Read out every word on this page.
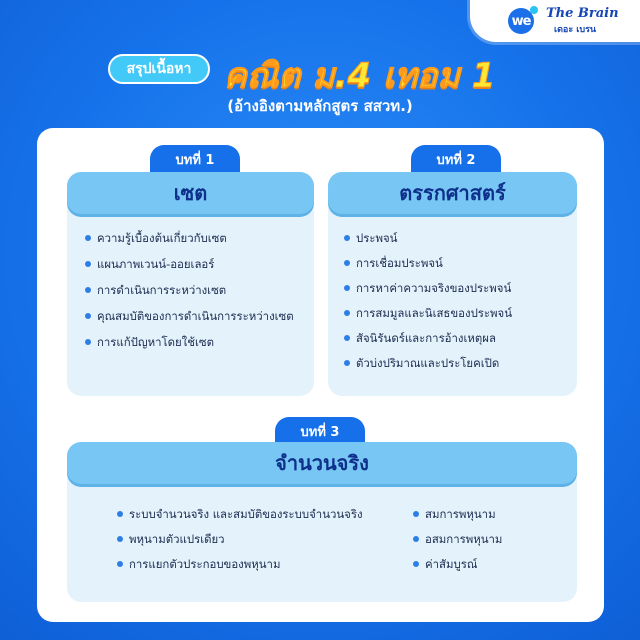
we The Brain
เดอะ เบรน
สรุปเนื้อหา คณิต ม.4 เทอม 1
(อ้างอิงตามหลักสูตร สสวท.)
บทที่ 1
เซต
ความรู้เบื้องต้นเกี่ยวกับเซต
แผนภาพเวนน์-ออยเลอร์
การดำเนินการระหว่างเซต
คุณสมบัติของการดำเนินการระหว่างเซต
การแก้ปัญหาโดยใช้เซต
บทที่ 2
ตรรกศาสตร์
ประพจน์
การเชื่อมประพจน์
การหาค่าความจริงของประพจน์
การสมมูลและนิเสธของประพจน์
สัจนิรันดร์และการอ้างเหตุผล
ตัวบ่งปริมาณและประโยคเปิด
บทที่ 3
จำนวนจริง
ระบบจำนวนจริง และสมบัติของระบบจำนวนจริง
พหุนามตัวแปรเดียว
การแยกตัวประกอบของพหุนาม
สมการพหุนาม
อสมการพหุนาม
ค่าสัมบูรณ์
